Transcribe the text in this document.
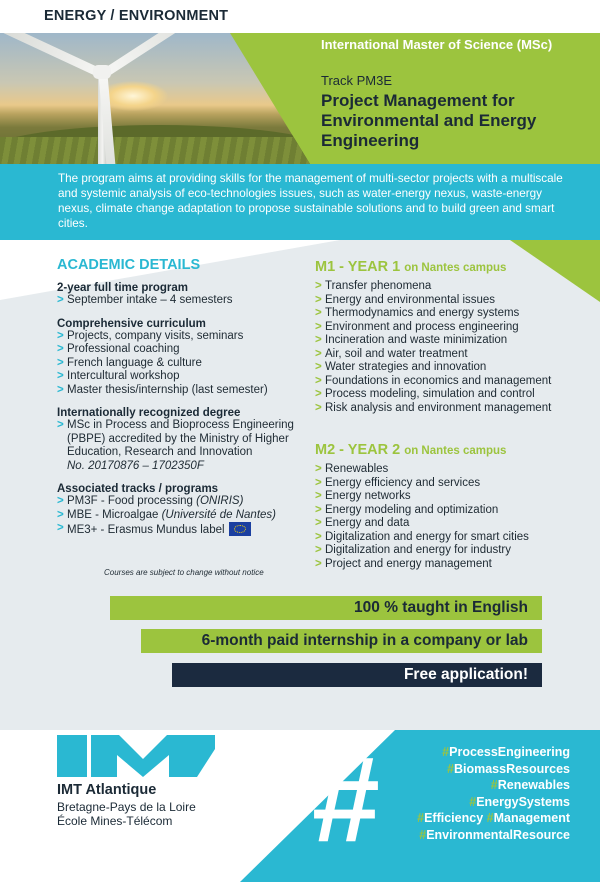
ENERGY / ENVIRONMENT
International Master of Science (MSc)
Track PM3E
Project Management for Environmental and Energy Engineering
The program aims at providing skills for the management of multi-sector projects with a multiscale and systemic analysis of eco-technologies issues, such as water-energy nexus, waste-energy nexus, climate change adaptation to propose sustainable solutions and to build green and smart cities.
ACADEMIC DETAILS
2-year full time program
> September intake – 4 semesters
Comprehensive curriculum
> Projects, company visits, seminars
> Professional coaching
> French language & culture
> Intercultural workshop
> Master thesis/internship (last semester)
Internationally recognized degree
> MSc in Process and Bioprocess Engineering (PBPE) accredited by the Ministry of Higher Education, Research and Innovation
No. 20170876 – 1702350F
Associated tracks / programs
> PM3F - Food processing (ONIRIS)
> MBE - Microalgae (Université de Nantes)
> ME3+ - Erasmus Mundus label
Courses are subject to change without notice
M1 - YEAR 1 on Nantes campus
> Transfer phenomena
> Energy and environmental issues
> Thermodynamics and energy systems
> Environment and process engineering
> Incineration and waste minimization
> Air, soil and water treatment
> Water strategies and innovation
> Foundations in economics and management
> Process modeling, simulation and control
> Risk analysis and environment management
M2 - YEAR 2 on Nantes campus
> Renewables
> Energy efficiency and services
> Energy networks
> Energy modeling and optimization
> Energy and data
> Digitalization and energy for smart cities
> Digitalization and energy for industry
> Project and energy management
100 % taught in English
6-month paid internship in a company or lab
Free application!
IMT Atlantique
Bretagne-Pays de la Loire
École Mines-Télécom #	#ProcessEngineering
#BiomassResources
#Renewables
#EnergySystems
#Efficiency #Management
#EnvironmentalResource
